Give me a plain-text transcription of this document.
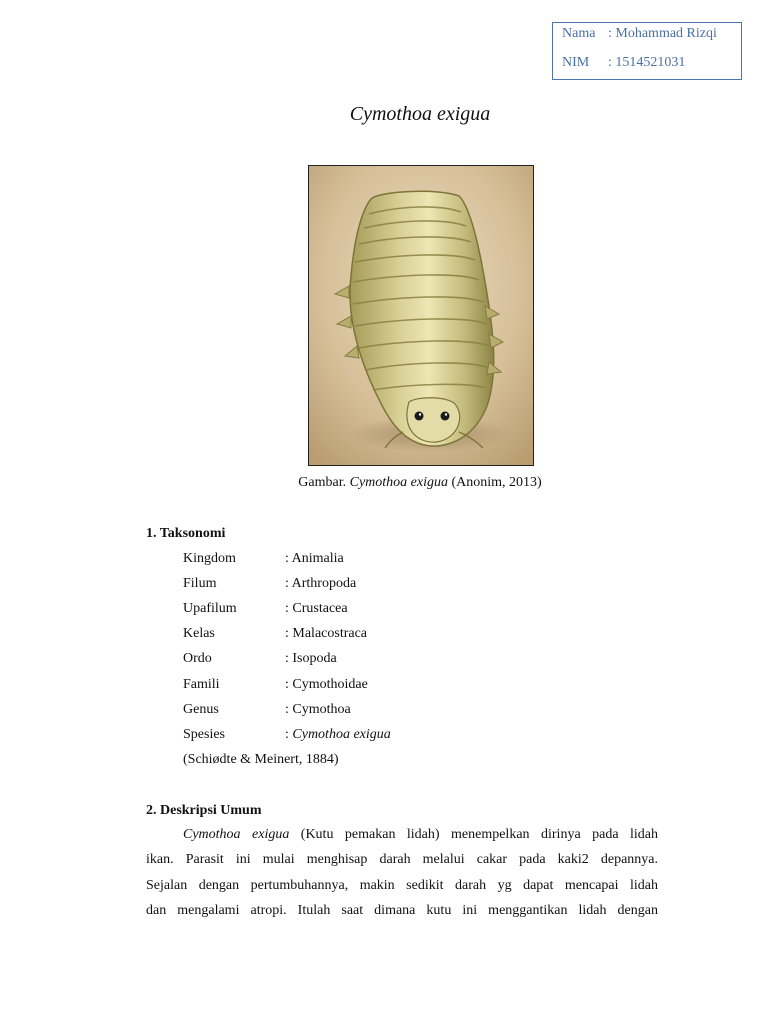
Nama : Mohammad Rizqi
NIM : 1514521031
Cymothoa exigua
Gambar. Cymothoa exigua (Anonim, 2013)
1. Taksonomi
Kingdom	: Animalia
Filum	: Arthropoda
Upafilum	: Crustacea
Kelas	: Malacostraca
Ordo	: Isopoda
Famili	: Cymothoidae
Genus	: Cymothoa
Spesies	: Cymothoa exigua
(Schiødte & Meinert, 1884)
2. Deskripsi Umum
Cymothoa exigua (Kutu pemakan lidah) menempelkan dirinya pada lidah
ikan. Parasit ini mulai menghisap darah melalui cakar pada kaki2 depannya.
Sejalan dengan pertumbuhannya, makin sedikit darah yg dapat mencapai lidah
dan mengalami atropi. Itulah saat dimana kutu ini menggantikan lidah dengan
